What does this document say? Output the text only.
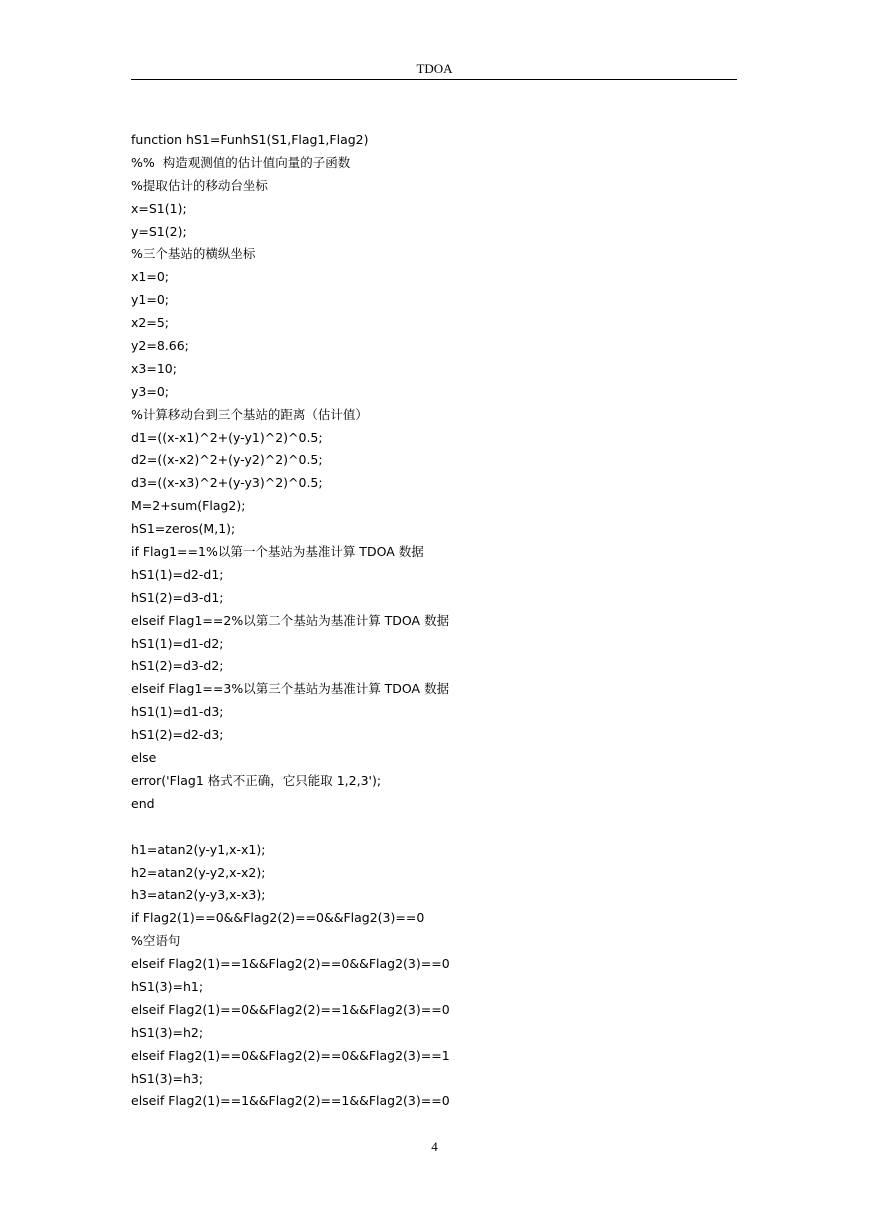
TDOA
function hS1=FunhS1(S1,Flag1,Flag2)
%%  构造观测值的估计值向量的子函数
%提取估计的移动台坐标
x=S1(1);
y=S1(2);
%三个基站的横纵坐标
x1=0;
y1=0;
x2=5;
y2=8.66;
x3=10;
y3=0;
%计算移动台到三个基站的距离（估计值）
d1=((x-x1)^2+(y-y1)^2)^0.5;
d2=((x-x2)^2+(y-y2)^2)^0.5;
d3=((x-x3)^2+(y-y3)^2)^0.5;
M=2+sum(Flag2);
hS1=zeros(M,1);
if Flag1==1%以第一个基站为基准计算 TDOA 数据
hS1(1)=d2-d1;
hS1(2)=d3-d1;
elseif Flag1==2%以第二个基站为基准计算 TDOA 数据
hS1(1)=d1-d2;
hS1(2)=d3-d2;
elseif Flag1==3%以第三个基站为基准计算 TDOA 数据
hS1(1)=d1-d3;
hS1(2)=d2-d3;
else
error('Flag1 格式不正确，它只能取 1,2,3');
end
h1=atan2(y-y1,x-x1);
h2=atan2(y-y2,x-x2);
h3=atan2(y-y3,x-x3);
if Flag2(1)==0&&Flag2(2)==0&&Flag2(3)==0
%空语句
elseif Flag2(1)==1&&Flag2(2)==0&&Flag2(3)==0
hS1(3)=h1;
elseif Flag2(1)==0&&Flag2(2)==1&&Flag2(3)==0
hS1(3)=h2;
elseif Flag2(1)==0&&Flag2(2)==0&&Flag2(3)==1
hS1(3)=h3;
elseif Flag2(1)==1&&Flag2(2)==1&&Flag2(3)==0
4
